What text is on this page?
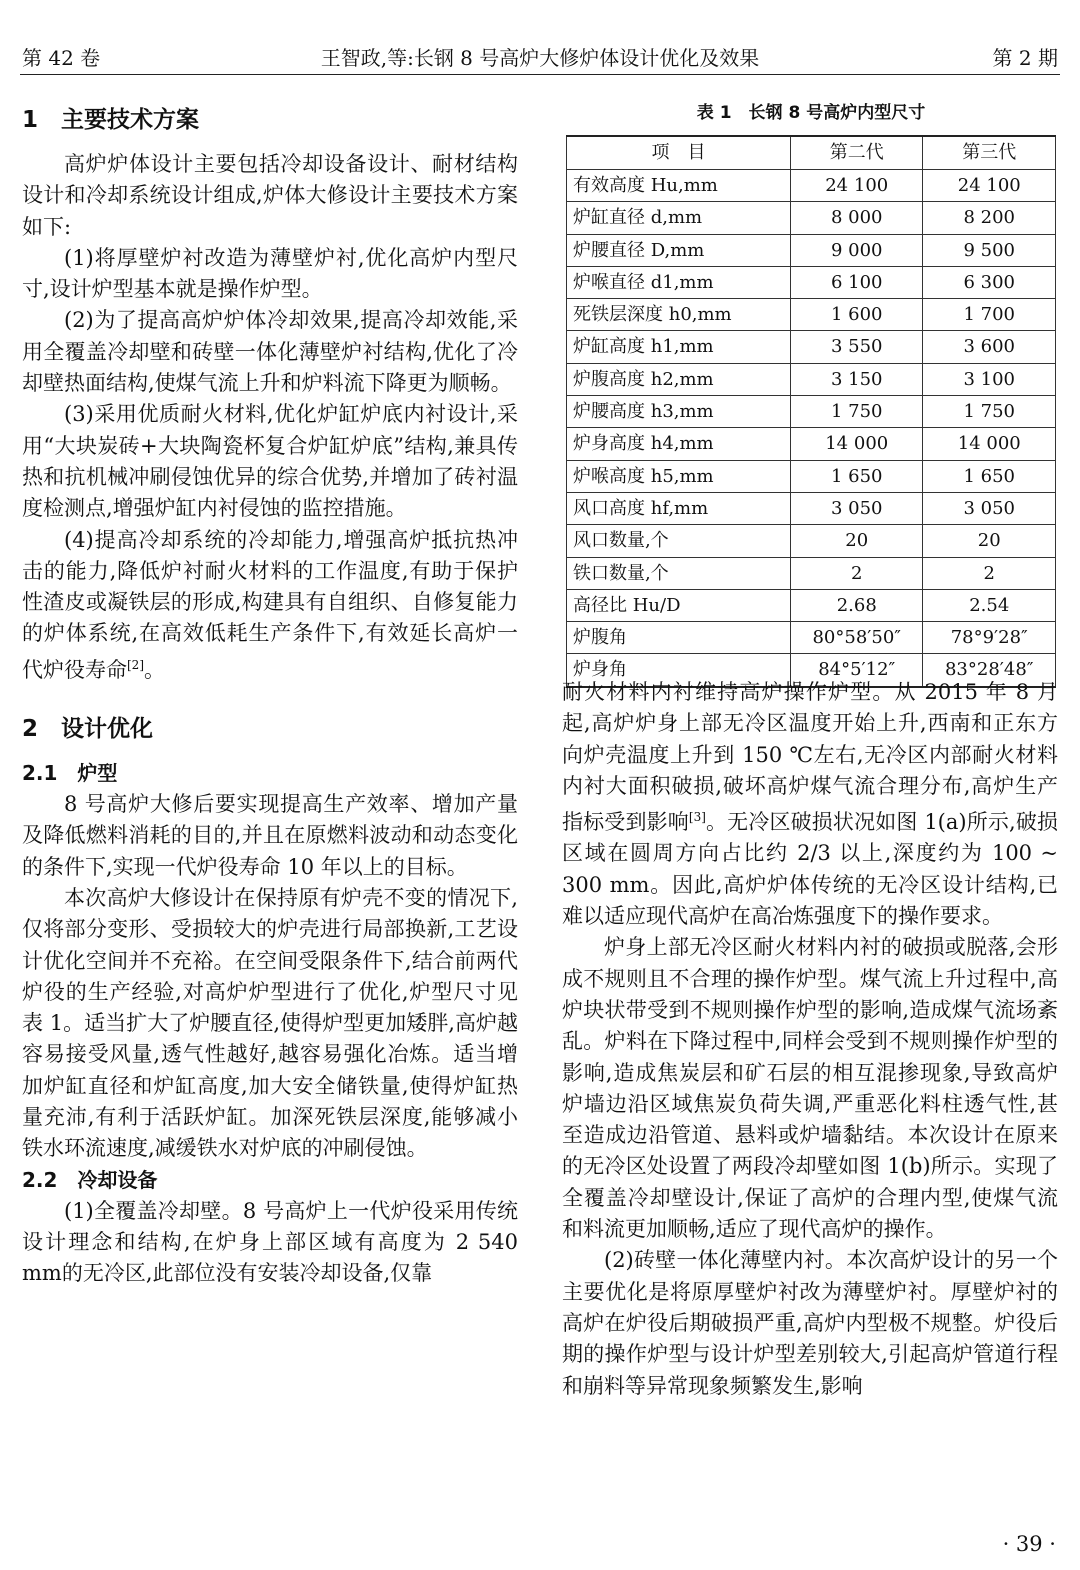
第 42 卷	王智政,等:长钢 8 号高炉大修炉体设计优化及效果	第 2 期
1　主要技术方案

高炉炉体设计主要包括冷却设备设计、耐材结构设计和冷却系统设计组成,炉体大修设计主要技术方案如下:

(1)将厚壁炉衬改造为薄壁炉衬,优化高炉内型尺寸,设计炉型基本就是操作炉型。

(2)为了提高高炉炉体冷却效果,提高冷却效能,采用全覆盖冷却壁和砖壁一体化薄壁炉衬结构,优化了冷却壁热面结构,使煤气流上升和炉料流下降更为顺畅。

(3)采用优质耐火材料,优化炉缸炉底内衬设计,采用“大块炭砖+大块陶瓷杯复合炉缸炉底”结构,兼具传热和抗机械冲刷侵蚀优异的综合优势,并增加了砖衬温度检测点,增强炉缸内衬侵蚀的监控措施。

(4)提高冷却系统的冷却能力,增强高炉抵抗热冲击的能力,降低炉衬耐火材料的工作温度,有助于保护性渣皮或凝铁层的形成,构建具有自组织、自修复能力的炉体系统,在高效低耗生产条件下,有效延长高炉一代炉役寿命[2]。

2　设计优化
2.1　炉型

8 号高炉大修后要实现提高生产效率、增加产量及降低燃料消耗的目的,并且在原燃料波动和动态变化的条件下,实现一代炉役寿命 10 年以上的目标。

本次高炉大修设计在保持原有炉壳不变的情况下,仅将部分变形、受损较大的炉壳进行局部换新,工艺设计优化空间并不充裕。在空间受限条件下,结合前两代炉役的生产经验,对高炉炉型进行了优化,炉型尺寸见表 1。适当扩大了炉腰直径,使得炉型更加矮胖,高炉越容易接受风量,透气性越好,越容易强化冶炼。适当增加炉缸直径和炉缸高度,加大安全储铁量,使得炉缸热量充沛,有利于活跃炉缸。加深死铁层深度,能够减小铁水环流速度,减缓铁水对炉底的冲刷侵蚀。

2.2　冷却设备

(1)全覆盖冷却壁。8 号高炉上一代炉役采用传统设计理念和结构,在炉身上部区域有高度为 2 540 mm的无冷区,此部位没有安装冷却设备,仅靠

表 1　长钢 8 号高炉内型尺寸
项　目	第二代	第三代
有效高度 Hu,mm	24 100	24 100
炉缸直径 d,mm	8 000	8 200
炉腰直径 D,mm	9 000	9 500
炉喉直径 d1,mm	6 100	6 300
死铁层深度 h0,mm	1 600	1 700
炉缸高度 h1,mm	3 550	3 600
炉腹高度 h2,mm	3 150	3 100
炉腰高度 h3,mm	1 750	1 750
炉身高度 h4,mm	14 000	14 000
炉喉高度 h5,mm	1 650	1 650
风口高度 hf,mm	3 050	3 050
风口数量,个	20	20
铁口数量,个	2	2
高径比 Hu/D	2.68	2.54
炉腹角	80°58′50″	78°9′28″
炉身角	84°5′12″	83°28′48″

耐火材料内衬维持高炉操作炉型。从 2015 年 8 月起,高炉炉身上部无冷区温度开始上升,西南和正东方向炉壳温度上升到 150 ℃左右,无冷区内部耐火材料内衬大面积破损,破坏高炉煤气流合理分布,高炉生产指标受到影响[3]。无冷区破损状况如图 1(a)所示,破损区域在圆周方向占比约 2/3 以上,深度约为 100 ~ 300 mm。因此,高炉炉体传统的无冷区设计结构,已难以适应现代高炉在高冶炼强度下的操作要求。

炉身上部无冷区耐火材料内衬的破损或脱落,会形成不规则且不合理的操作炉型。煤气流上升过程中,高炉块状带受到不规则操作炉型的影响,造成煤气流场紊乱。炉料在下降过程中,同样会受到不规则操作炉型的影响,造成焦炭层和矿石层的相互混掺现象,导致高炉炉墙边沿区域焦炭负荷失调,严重恶化料柱透气性,甚至造成边沿管道、悬料或炉墙黏结。本次设计在原来的无冷区处设置了两段冷却壁如图 1(b)所示。实现了全覆盖冷却壁设计,保证了高炉的合理内型,使煤气流和料流更加顺畅,适应了现代高炉的操作。

(2)砖壁一体化薄壁内衬。本次高炉设计的另一个主要优化是将原厚壁炉衬改为薄壁炉衬。厚壁炉衬的高炉在炉役后期破损严重,高炉内型极不规整。炉役后期的操作炉型与设计炉型差别较大,引起高炉管道行程和崩料等异常现象频繁发生,影响

· 39 ·
